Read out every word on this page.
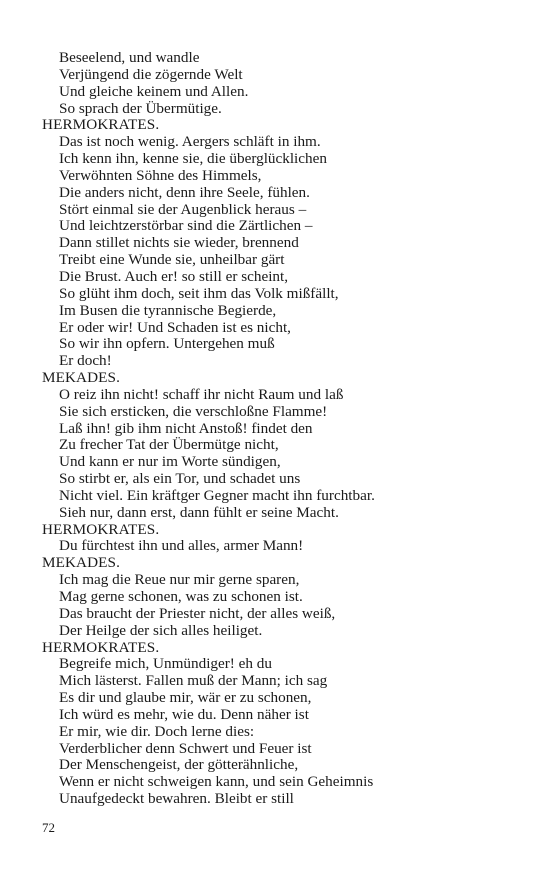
Beseelend, und wandle
Verjüngend die zögernde Welt
Und gleiche keinem und Allen.
So sprach der Übermütige.
HERMOKRATES.
Das ist noch wenig. Aergers schläft in ihm.
Ich kenn ihn, kenne sie, die überglücklichen
Verwöhnten Söhne des Himmels,
Die anders nicht, denn ihre Seele, fühlen.
Stört einmal sie der Augenblick heraus –
Und leichtzerstörbar sind die Zärtlichen –
Dann stillet nichts sie wieder, brennend
Treibt eine Wunde sie, unheilbar gärt
Die Brust. Auch er! so still er scheint,
So glüht ihm doch, seit ihm das Volk mißfällt,
Im Busen die tyrannische Begierde,
Er oder wir! Und Schaden ist es nicht,
So wir ihn opfern. Untergehen muß
Er doch!
MEKADES.
O reiz ihn nicht! schaff ihr nicht Raum und laß
Sie sich ersticken, die verschloßne Flamme!
Laß ihn! gib ihm nicht Anstoß! findet den
Zu frecher Tat der Übermütge nicht,
Und kann er nur im Worte sündigen,
So stirbt er, als ein Tor, und schadet uns
Nicht viel. Ein kräftger Gegner macht ihn furchtbar.
Sieh nur, dann erst, dann fühlt er seine Macht.
HERMOKRATES.
Du fürchtest ihn und alles, armer Mann!
MEKADES.
Ich mag die Reue nur mir gerne sparen,
Mag gerne schonen, was zu schonen ist.
Das braucht der Priester nicht, der alles weiß,
Der Heilge der sich alles heiliget.
HERMOKRATES.
Begreife mich, Unmündiger! eh du
Mich lästerst. Fallen muß der Mann; ich sag
Es dir und glaube mir, wär er zu schonen,
Ich würd es mehr, wie du. Denn näher ist
Er mir, wie dir. Doch lerne dies:
Verderblicher denn Schwert und Feuer ist
Der Menschengeist, der götterähnliche,
Wenn er nicht schweigen kann, und sein Geheimnis
Unaufgedeckt bewahren. Bleibt er still
72
